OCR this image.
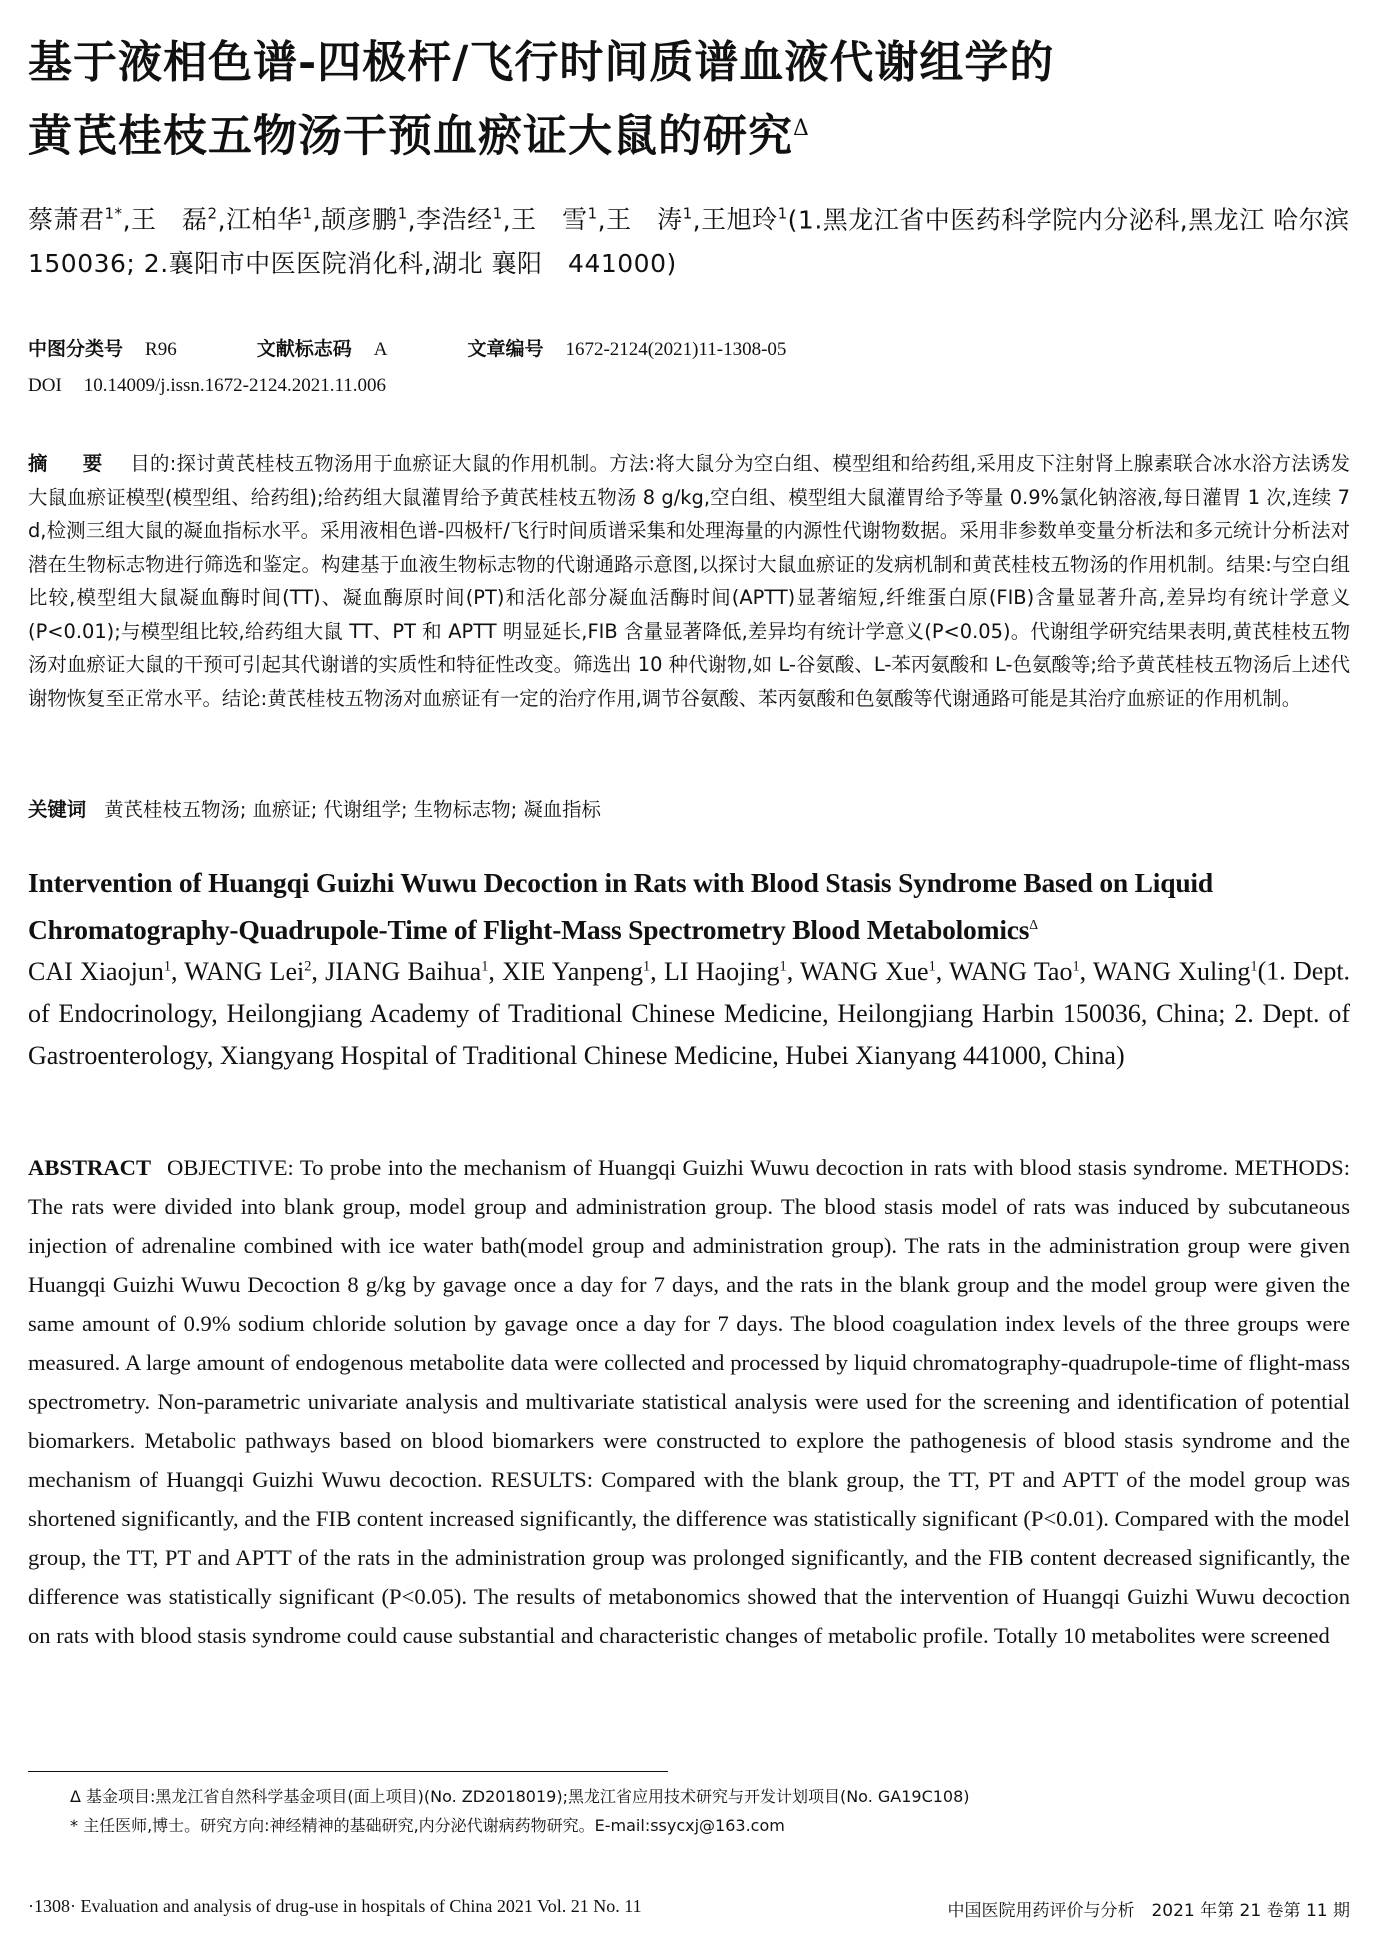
基于液相色谱-四极杆/飞行时间质谱血液代谢组学的
黄芪桂枝五物汤干预血瘀证大鼠的研究$^\Delta$
蔡萧君$^{1*}$,王　磊$^2$,江柏华$^1$,颉彦鹏$^1$,李浩经$^1$,王　雪$^1$,王　涛$^1$,王旭玲$^1$(1.黑龙江省中医药科学院内分泌科,黑龙江 哈尔滨　150036; 2.襄阳市中医医院消化科,湖北 襄阳　441000)
中图分类号 R96	文献标志码 A	文章编号 1672-2124(2021)11-1308-05
DOI 10.14009/j.issn.1672-2124.2021.11.006
摘 要 目的:探讨黄芪桂枝五物汤用于血瘀证大鼠的作用机制。方法:将大鼠分为空白组、模型组和给药组,采用皮下注射肾上腺素联合冰水浴方法诱发大鼠血瘀证模型(模型组、给药组);给药组大鼠灌胃给予黄芪桂枝五物汤 8 g/kg,空白组、模型组大鼠灌胃给予等量 0.9%氯化钠溶液,每日灌胃 1 次,连续 7 d,检测三组大鼠的凝血指标水平。采用液相色谱-四极杆/飞行时间质谱采集和处理海量的内源性代谢物数据。采用非参数单变量分析法和多元统计分析法对潜在生物标志物进行筛选和鉴定。构建基于血液生物标志物的代谢通路示意图,以探讨大鼠血瘀证的发病机制和黄芪桂枝五物汤的作用机制。结果:与空白组比较,模型组大鼠凝血酶时间(TT)、凝血酶原时间(PT)和活化部分凝血活酶时间(APTT)显著缩短,纤维蛋白原(FIB)含量显著升高,差异均有统计学意义(P<0.01);与模型组比较,给药组大鼠 TT、PT 和 APTT 明显延长,FIB 含量显著降低,差异均有统计学意义(P<0.05)。代谢组学研究结果表明,黄芪桂枝五物汤对血瘀证大鼠的干预可引起其代谢谱的实质性和特征性改变。筛选出 10 种代谢物,如 L-谷氨酸、L-苯丙氨酸和 L-色氨酸等;给予黄芪桂枝五物汤后上述代谢物恢复至正常水平。结论:黄芪桂枝五物汤对血瘀证有一定的治疗作用,调节谷氨酸、苯丙氨酸和色氨酸等代谢通路可能是其治疗血瘀证的作用机制。
关键词 黄芪桂枝五物汤; 血瘀证; 代谢组学; 生物标志物; 凝血指标
Intervention of Huangqi Guizhi Wuwu Decoction in Rats with Blood Stasis Syndrome Based on Liquid Chromatography-Quadrupole-Time of Flight-Mass Spectrometry Blood Metabolomics$^\Delta$
CAI Xiaojun$^1$, WANG Lei$^2$, JIANG Baihua$^1$, XIE Yanpeng$^1$, LI Haojing$^1$, WANG Xue$^1$, WANG Tao$^1$, WANG Xuling$^1$(1. Dept. of Endocrinology, Heilongjiang Academy of Traditional Chinese Medicine, Heilongjiang Harbin 150036, China; 2. Dept. of Gastroenterology, Xiangyang Hospital of Traditional Chinese Medicine, Hubei Xianyang 441000, China)
ABSTRACT OBJECTIVE: To probe into the mechanism of Huangqi Guizhi Wuwu decoction in rats with blood stasis syndrome. METHODS: The rats were divided into blank group, model group and administration group. The blood stasis model of rats was induced by subcutaneous injection of adrenaline combined with ice water bath(model group and administration group). The rats in the administration group were given Huangqi Guizhi Wuwu Decoction 8 g/kg by gavage once a day for 7 days, and the rats in the blank group and the model group were given the same amount of 0.9% sodium chloride solution by gavage once a day for 7 days. The blood coagulation index levels of the three groups were measured. A large amount of endogenous metabolite data were collected and processed by liquid chromatography-quadrupole-time of flight-mass spectrometry. Non-parametric univariate analysis and multivariate statistical analysis were used for the screening and identification of potential biomarkers. Metabolic pathways based on blood biomarkers were constructed to explore the pathogenesis of blood stasis syndrome and the mechanism of Huangqi Guizhi Wuwu decoction. RESULTS: Compared with the blank group, the TT, PT and APTT of the model group was shortened significantly, and the FIB content increased significantly, the difference was statistically significant (P<0.01). Compared with the model group, the TT, PT and APTT of the rats in the administration group was prolonged significantly, and the FIB content decreased significantly, the difference was statistically significant (P<0.05). The results of metabonomics showed that the intervention of Huangqi Guizhi Wuwu decoction on rats with blood stasis syndrome could cause substantial and characteristic changes of metabolic profile. Totally 10 metabolites were screened
Δ 基金项目:黑龙江省自然科学基金项目(面上项目)(No. ZD2018019);黑龙江省应用技术研究与开发计划项目(No. GA19C108)
* 主任医师,博士。研究方向:神经精神的基础研究,内分泌代谢病药物研究。E-mail:ssycxj@163.com
·1308· Evaluation and analysis of drug-use in hospitals of China 2021 Vol. 21 No. 11	中国医院用药评价与分析　2021 年第 21 卷第 11 期
